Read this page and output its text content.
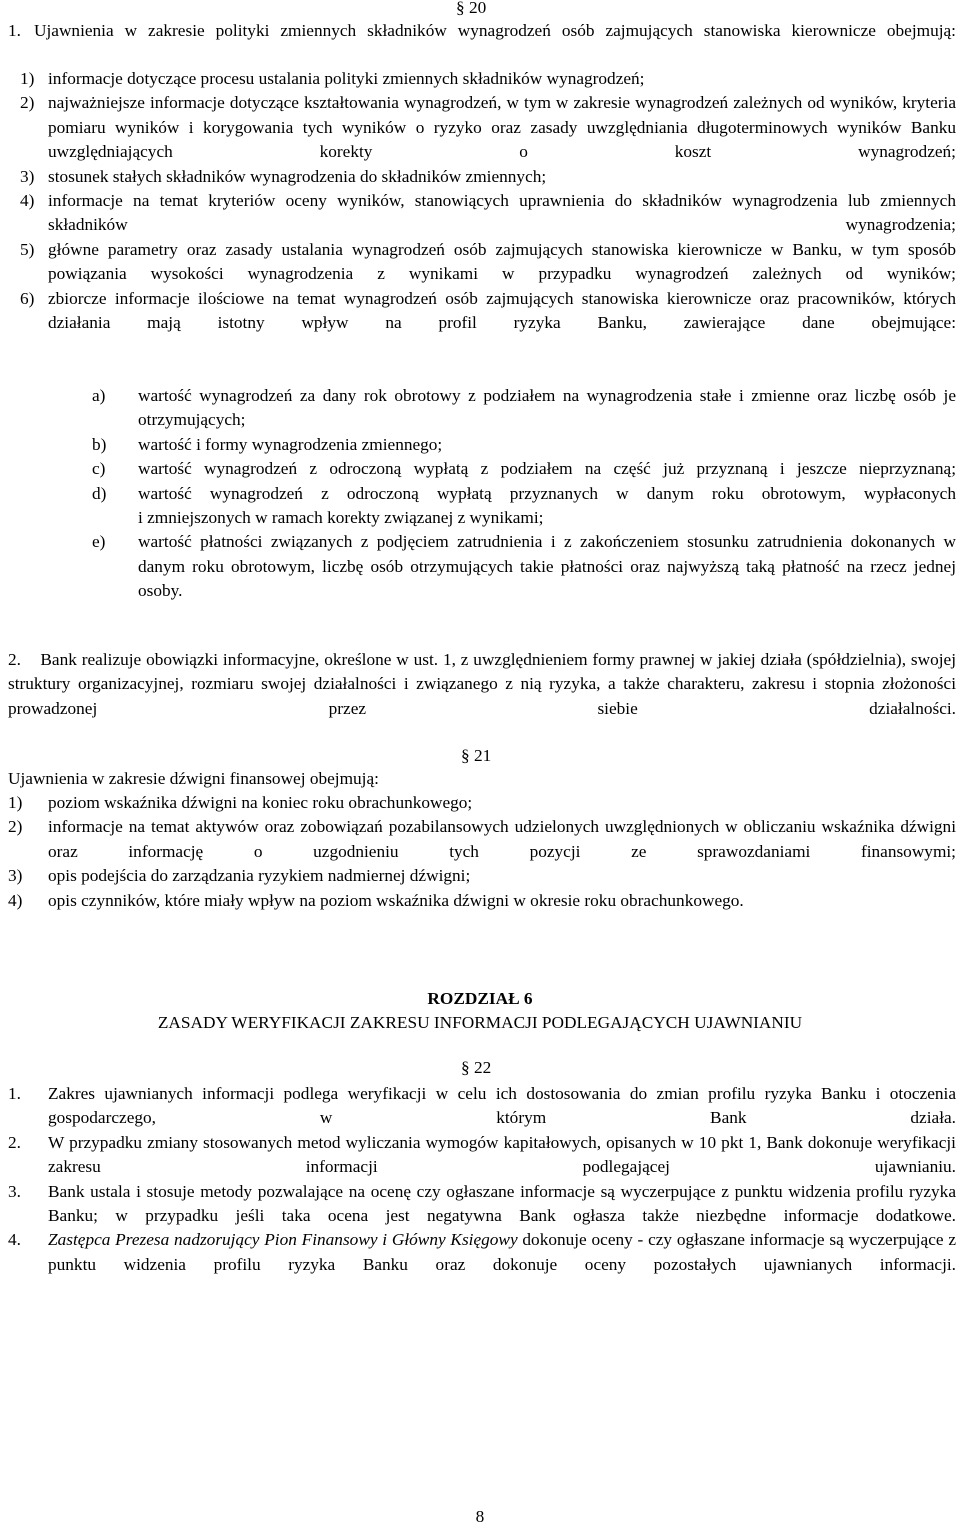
§ 20
1. Ujawnienia w zakresie polityki zmiennych składników wynagrodzeń osób zajmujących stanowiska kierownicze obejmują:
1) informacje dotyczące procesu ustalania polityki zmiennych składników wynagrodzeń;
2) najważniejsze informacje dotyczące kształtowania wynagrodzeń, w tym w zakresie wynagrodzeń zależnych od wyników, kryteria pomiaru wyników i korygowania tych wyników o ryzyko oraz zasady uwzględniania długoterminowych wyników Banku uwzględniających korekty o koszt wynagrodzeń;
3) stosunek stałych składników wynagrodzenia do składników zmiennych;
4) informacje na temat kryteriów oceny wyników, stanowiących uprawnienia do składników wynagrodzenia lub zmiennych składników wynagrodzenia;
5) główne parametry oraz zasady ustalania wynagrodzeń osób zajmujących stanowiska kierownicze w Banku, w tym sposób powiązania wysokości wynagrodzenia z wynikami w przypadku wynagrodzeń zależnych od wyników;
6) zbiorcze informacje ilościowe na temat wynagrodzeń osób zajmujących stanowiska kierownicze oraz pracowników, których działania mają istotny wpływ na profil ryzyka Banku, zawierające dane obejmujące:
a) wartość wynagrodzeń za dany rok obrotowy z podziałem na wynagrodzenia stałe i zmienne oraz liczbę osób je otrzymujących;
b) wartość i formy wynagrodzenia zmiennego;
c) wartość wynagrodzeń z odroczoną wypłatą z podziałem na część już przyznaną i jeszcze nieprzyznaną;
d) wartość wynagrodzeń z odroczoną wypłatą przyznanych w danym roku obrotowym, wypłaconych
i zmniejszonych w ramach korekty związanej z wynikami;
e) wartość płatności związanych z podjęciem zatrudnienia i z zakończeniem stosunku zatrudnienia dokonanych w danym roku obrotowym, liczbę osób otrzymujących takie płatności oraz najwyższą taką płatność na rzecz jednej osoby.
2. Bank realizuje obowiązki informacyjne, określone w ust. 1, z uwzględnieniem formy prawnej w jakiej działa (spółdzielnia), swojej struktury organizacyjnej, rozmiaru swojej działalności i związanego z nią ryzyka, a także charakteru, zakresu i stopnia złożoności prowadzonej przez siebie działalności.
§ 21
Ujawnienia w zakresie dźwigni finansowej obejmują:
1) poziom wskaźnika dźwigni na koniec roku obrachunkowego;
2) informacje na temat aktywów oraz zobowiązań pozabilansowych udzielonych uwzględnionych w obliczaniu wskaźnika dźwigni oraz informację o uzgodnieniu tych pozycji ze sprawozdaniami finansowymi;
3) opis podejścia do zarządzania ryzykiem nadmiernej dźwigni;
4) opis czynników, które miały wpływ na poziom wskaźnika dźwigni w okresie roku obrachunkowego.
ROZDZIAŁ 6
ZASADY WERYFIKACJI ZAKRESU INFORMACJI PODLEGAJĄCYCH UJAWNIANIU
§ 22
1. Zakres ujawnianych informacji podlega weryfikacji w celu ich dostosowania do zmian profilu ryzyka Banku i otoczenia gospodarczego, w którym Bank działa.
2. W przypadku zmiany stosowanych metod wyliczania wymogów kapitałowych, opisanych w 10 pkt 1, Bank dokonuje weryfikacji zakresu informacji podlegającej ujawnianiu.
3. Bank ustala i stosuje metody pozwalające na ocenę czy ogłaszane informacje są wyczerpujące z punktu widzenia profilu ryzyka Banku; w przypadku jeśli taka ocena jest negatywna Bank ogłasza także niezbędne informacje dodatkowe.
4. Zastępca Prezesa nadzorujący Pion Finansowy i Główny Księgowy dokonuje oceny - czy ogłaszane informacje są wyczerpujące z punktu widzenia profilu ryzyka Banku oraz dokonuje oceny pozostałych ujawnianych informacji.
8
